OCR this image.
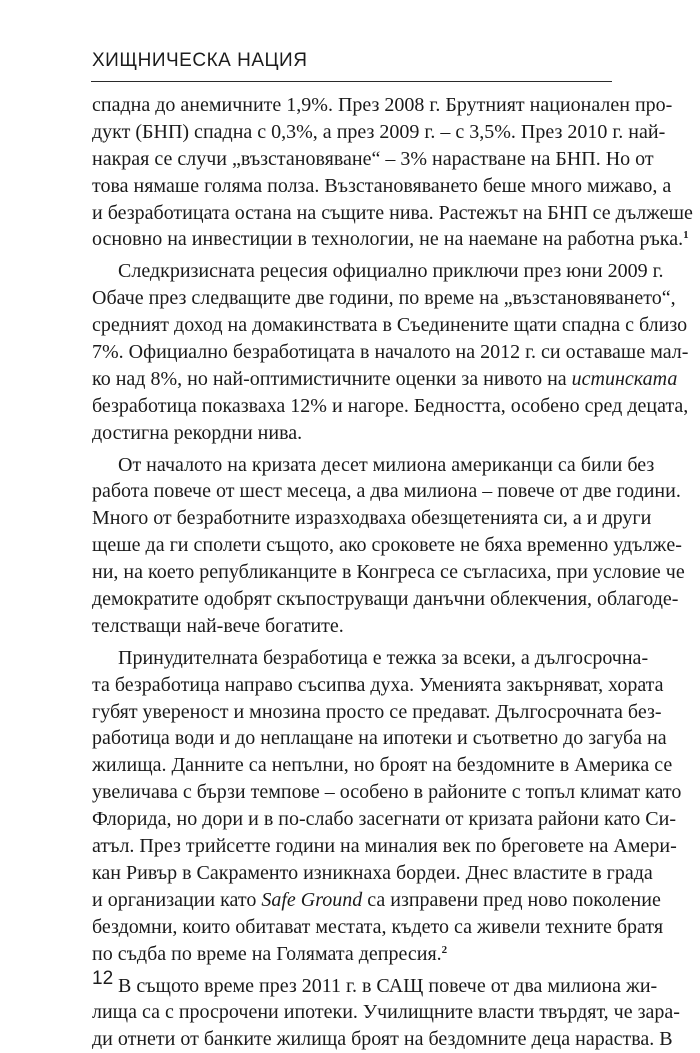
ХИЩНИЧЕСКА НАЦИЯ
спадна до анемичните 1,9%. През 2008 г. Брутният национален про-
дукт (БНП) спадна с 0,3%, а през 2009 г. – с 3,5%. През 2010 г. най-
накрая се случи „възстановяване“ – 3% нарастване на БНП. Но от
това нямаше голяма полза. Възстановяването беше много мижаво, а
и безработицата остана на същите нива. Растежът на БНП се дължеше
основно на инвестиции в технологии, не на наемане на работна ръка.$^1$
Следкризисната рецесия официално приключи през юни 2009 г.
Обаче през следващите две години, по време на „възстановяването“,
средният доход на домакинствата в Съединените щати спадна с близо
7%. Официално безработицата в началото на 2012 г. си оставаше мал-
ко над 8%, но най-оптимистичните оценки за нивото на истинската
безработица показваха 12% и нагоре. Бедността, особено сред децата,
достигна рекордни нива.
От началото на кризата десет милиона американци са били без
работа повече от шест месеца, а два милиона – повече от две години.
Много от безработните изразходваха обезщетенията си, а и други
щеше да ги сполети същото, ако сроковете не бяха временно удължe-
ни, на което републиканците в Конгреса се съгласиха, при условие че
демократите одобрят скъпоструващи данъчни облекчения, облагоде-
телстващи най-вече богатите.
Принудителната безработица е тежка за всеки, а дългосрочна-
та безработица направо съсипва духа. Уменията закърняват, хората
губят увереност и мнозина просто се предават. Дългосрочната без-
работица води и до неплащане на ипотеки и съответно до загуба на
жилища. Данните са непълни, но броят на бездомните в Америка се
увеличава с бързи темпове – особено в районите с топъл климат като
Флорида, но дори и в по-слабо засегнати от кризата райони като Си-
атъл. През трийсетте години на миналия век по бреговете на Амери-
кан Ривър в Сакраменто изникнаха бордеи. Днес властите в града
и организации като Safe Ground са изправени пред ново поколение
бездомни, които обитават местата, където са живели техните братя
по съдба по време на Голямата депресия.$^2$
В същото време през 2011 г. в САЩ повече от два милиона жи-
лища са с просрочени ипотеки. Училищните власти твърдят, че зара-
ди отнети от банките жилища броят на бездомните деца нараства. В
12
